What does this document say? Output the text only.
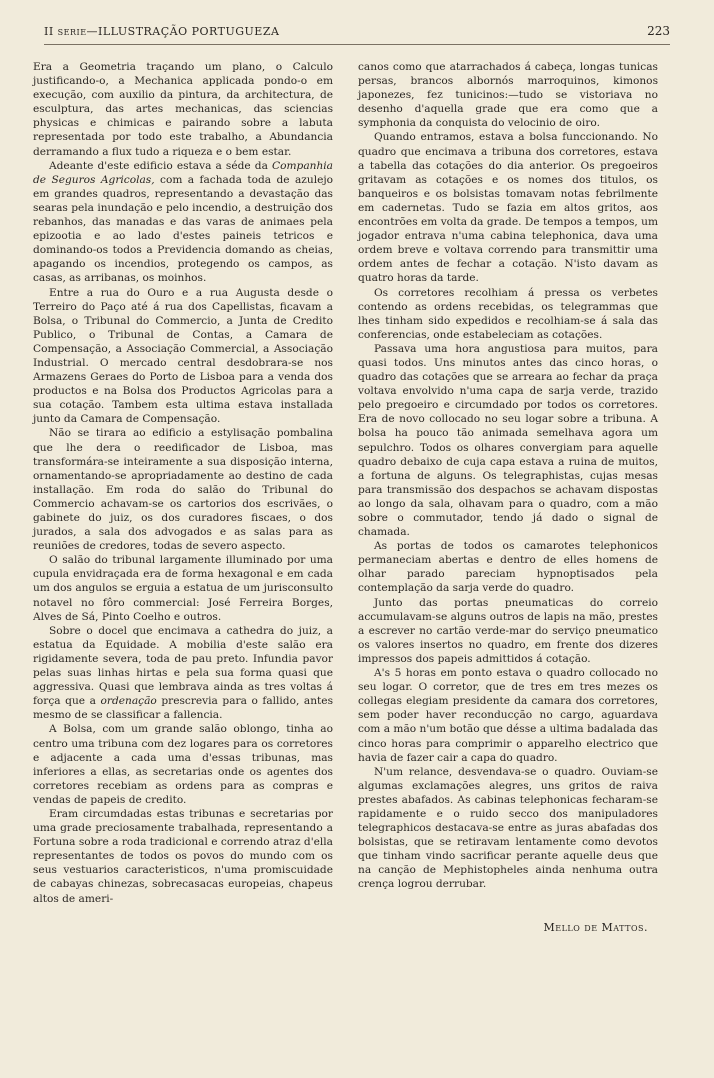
II serie—ILLUSTRAÇÃO PORTUGUEZA	223

Era a Geometria traçando um plano, o Calculo justificando-o, a Mechanica applicada pondo-o em execução, com auxilio da pintura, da architectura, de esculptura, das artes mechanicas, das sciencias physicas e chimicas e pairando sobre a labuta representada por todo este trabalho, a Abundancia derramando a flux tudo a riqueza e o bem estar.

Adeante d'este edificio estava a séde da Companhia de Seguros Agricolas, com a fachada toda de azulejo em grandes quadros, representando a devastação das searas pela inundação e pelo incendio, a destruição dos rebanhos, das manadas e das varas de animaes pela epizootia e ao lado d'estes paineis tetricos e dominando-os todos a Previdencia domando as cheias, apagando os incendios, protegendo os campos, as casas, as arribanas, os moinhos.

Entre a rua do Ouro e a rua Augusta desde o Terreiro do Paço até á rua dos Capellistas, ficavam a Bolsa, o Tribunal do Commercio, a Junta de Credito Publico, o Tribunal de Contas, a Camara de Compensação, a Associação Commercial, a Associação Industrial. O mercado central desdobrara-se nos Armazens Geraes do Porto de Lisboa para a venda dos productos e na Bolsa dos Productos Agricolas para a sua cotação. Tambem esta ultima estava installada junto da Camara de Compensação.

Não se tirara ao edificio a estylisação pombalina que lhe dera o reedificador de Lisboa, mas transformára-se inteiramente a sua disposição interna, ornamentando-se apropriadamente ao destino de cada installação. Em roda do salão do Tribunal do Commercio achavam-se os cartorios dos escrivães, o gabinete do juiz, os dos curadores fiscaes, o dos jurados, a sala dos advogados e as salas para as reuniões de credores, todas de severo aspecto.

O salão do tribunal largamente illuminado por uma cupula envidraçada era de forma hexagonal e em cada um dos angulos se erguia a estatua de um jurisconsulto notavel no fôro commercial: José Ferreira Borges, Alves de Sá, Pinto Coelho e outros.

Sobre o docel que encimava a cathedra do juiz, a estatua da Equidade. A mobilia d'este salão era rigidamente severa, toda de pau preto. Infundia pavor pelas suas linhas hirtas e pela sua forma quasi que aggressiva. Quasi que lembrava ainda as tres voltas á força que a ordenação prescrevia para o fallido, antes mesmo de se classificar a fallencia.

A Bolsa, com um grande salão oblongo, tinha ao centro uma tribuna com dez logares para os corretores e adjacente a cada uma d'essas tribunas, mas inferiores a ellas, as secretarias onde os agentes dos corretores recebiam as ordens para as compras e vendas de papeis de credito.

Eram circumdadas estas tribunas e secretarias por uma grade preciosamente trabalhada, representando a Fortuna sobre a roda tradicional e correndo atraz d'ella representantes de todos os povos do mundo com os seus vestuarios caracteristicos, n'uma promiscuidade de cabayas chinezas, sobrecasacas europeias, chapeus altos de ameri-

canos como que atarrachados á cabeça, longas tunicas persas, brancos albornós marroquinos, kimonos japonezes, fez tunicinos:—tudo se vistoriava no desenho d'aquella grade que era como que a symphonia da conquista do velocinio de oiro.

Quando entramos, estava a bolsa funccionando. No quadro que encimava a tribuna dos corretores, estava a tabella das cotações do dia anterior. Os pregoeiros gritavam as cotações e os nomes dos titulos, os banqueiros e os bolsistas tomavam notas febrilmente em cadernetas. Tudo se fazia em altos gritos, aos encontrões em volta da grade. De tempos a tempos, um jogador entrava n'uma cabina telephonica, dava uma ordem breve e voltava correndo para transmittir uma ordem antes de fechar a cotação. N'isto davam as quatro horas da tarde.

Os corretores recolhiam á pressa os verbetes contendo as ordens recebidas, os telegrammas que lhes tinham sido expedidos e recolhiam-se á sala das conferencias, onde estabeleciam as cotações.

Passava uma hora angustiosa para muitos, para quasi todos. Uns minutos antes das cinco horas, o quadro das cotações que se arreara ao fechar da praça voltava envolvido n'uma capa de sarja verde, trazido pelo pregoeiro e circumdado por todos os corretores. Era de novo collocado no seu logar sobre a tribuna. A bolsa ha pouco tão animada semelhava agora um sepulchro. Todos os olhares convergiam para aquelle quadro debaixo de cuja capa estava a ruina de muitos, a fortuna de alguns. Os telegraphistas, cujas mesas para transmissão dos despachos se achavam dispostas ao longo da sala, olhavam para o quadro, com a mão sobre o commutador, tendo já dado o signal de chamada.

As portas de todos os camarotes telephonicos permaneciam abertas e dentro de elles homens de olhar parado pareciam hypnoptisados pela contemplação da sarja verde do quadro.

Junto das portas pneumaticas do correio accumulavam-se alguns outros de lapis na mão, prestes a escrever no cartão verde-mar do serviço pneumatico os valores insertos no quadro, em frente dos dizeres impressos dos papeis admittidos á cotação.

A's 5 horas em ponto estava o quadro collocado no seu logar. O corretor, que de tres em tres mezes os collegas elegiam presidente da camara dos corretores, sem poder haver reconducção no cargo, aguardava com a mão n'um botão que désse a ultima badalada das cinco horas para comprimir o apparelho electrico que havia de fazer cair a capa do quadro.

N'um relance, desvendava-se o quadro. Ouviam-se algumas exclamações alegres, uns gritos de raiva prestes abafados. As cabinas telephonicas fecharam-se rapidamente e o ruido secco dos manipuladores telegraphicos destacava-se entre as juras abafadas dos bolsistas, que se retiravam lentamente como devotos que tinham vindo sacrificar perante aquelle deus que na canção de Mephistopheles ainda nenhuma outra crença logrou derrubar.

Mello de Mattos.
